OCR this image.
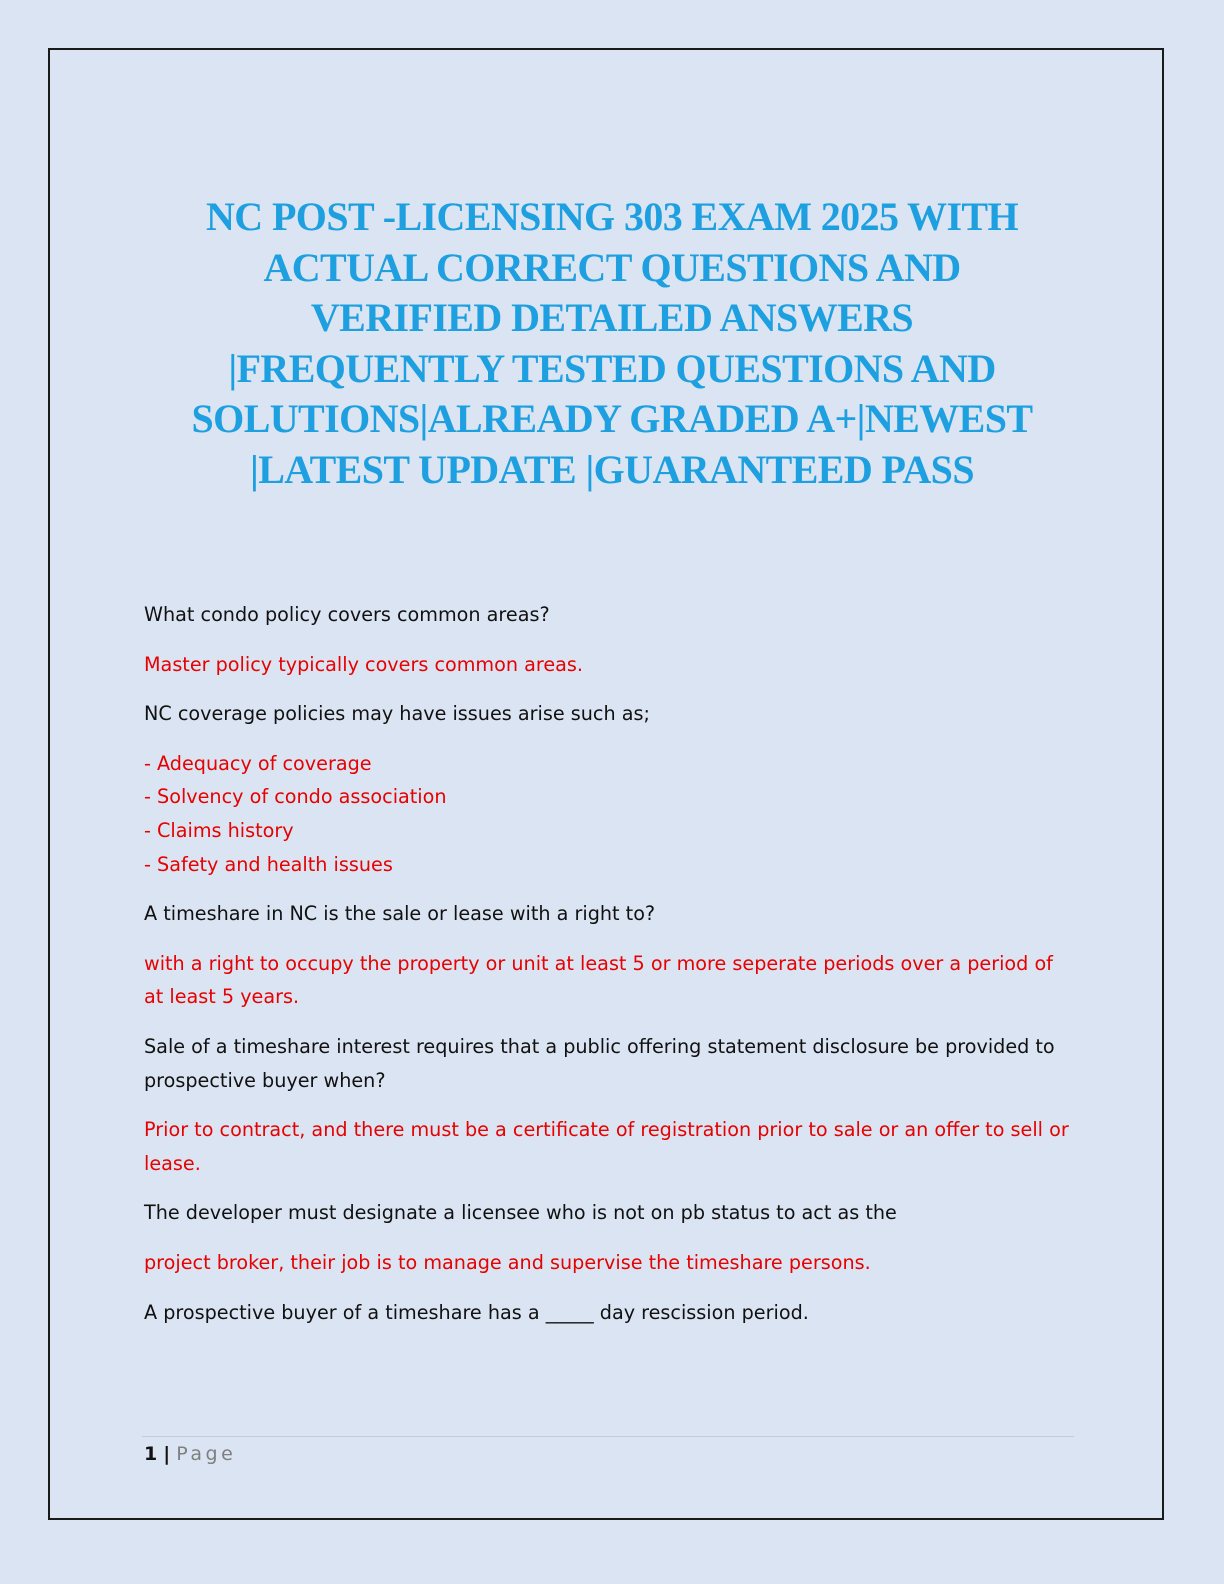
NC POST -LICENSING 303 EXAM 2025 WITH
ACTUAL CORRECT QUESTIONS AND
VERIFIED DETAILED ANSWERS
|FREQUENTLY TESTED QUESTIONS AND
SOLUTIONS|ALREADY GRADED A+|NEWEST
|LATEST UPDATE |GUARANTEED PASS

What condo policy covers common areas?

Master policy typically covers common areas.

NC coverage policies may have issues arise such as;

- Adequacy of coverage

- Solvency of condo association

- Claims history

- Safety and health issues

A timeshare in NC is the sale or lease with a right to?

with a right to occupy the property or unit at least 5 or more seperate periods over a period of

at least 5 years.

Sale of a timeshare interest requires that a public offering statement disclosure be provided to

prospective buyer when?

Prior to contract, and there must be a certificate of registration prior to sale or an offer to sell or

lease.

The developer must designate a licensee who is not on pb status to act as the

project broker, their job is to manage and supervise the timeshare persons.

A prospective buyer of a timeshare has a _____ day rescission period.

1 | Page
